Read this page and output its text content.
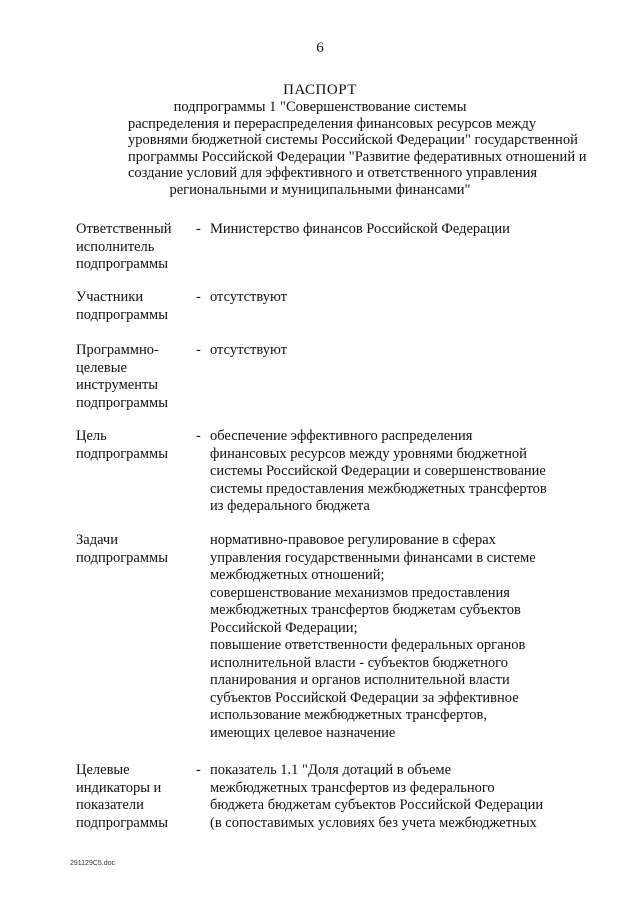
6
ПАСПОРТ
подпрограммы 1 "Совершенствование системы
распределения и перераспределения финансовых ресурсов между
уровнями бюджетной системы Российской Федерации" государственной
программы Российской Федерации "Развитие федеративных отношений и
создание условий для эффективного и ответственного управления
региональными и муниципальными финансами"
Ответственный
исполнитель
подпрограммы
- Министерство финансов Российской Федерации
Участники
подпрограммы
- отсутствуют
Программно-
целевые
инструменты
подпрограммы
- отсутствуют
Цель
подпрограммы
- обеспечение эффективного распределения
финансовых ресурсов между уровнями бюджетной
системы Российской Федерации и совершенствование
системы предоставления межбюджетных трансфертов
из федерального бюджета
Задачи
подпрограммы
нормативно-правовое регулирование в сферах
управления государственными финансами в системе
межбюджетных отношений;
совершенствование механизмов предоставления
межбюджетных трансфертов бюджетам субъектов
Российской Федерации;
повышение ответственности федеральных органов
исполнительной власти - субъектов бюджетного
планирования и органов исполнительной власти
субъектов Российской Федерации за эффективное
использование межбюджетных трансфертов,
имеющих целевое назначение
Целевые
индикаторы и
показатели
подпрограммы
- показатель 1.1 "Доля дотаций в объеме
межбюджетных трансфертов из федерального
бюджета бюджетам субъектов Российской Федерации
(в сопоставимых условиях без учета межбюджетных
291129C5.doc
